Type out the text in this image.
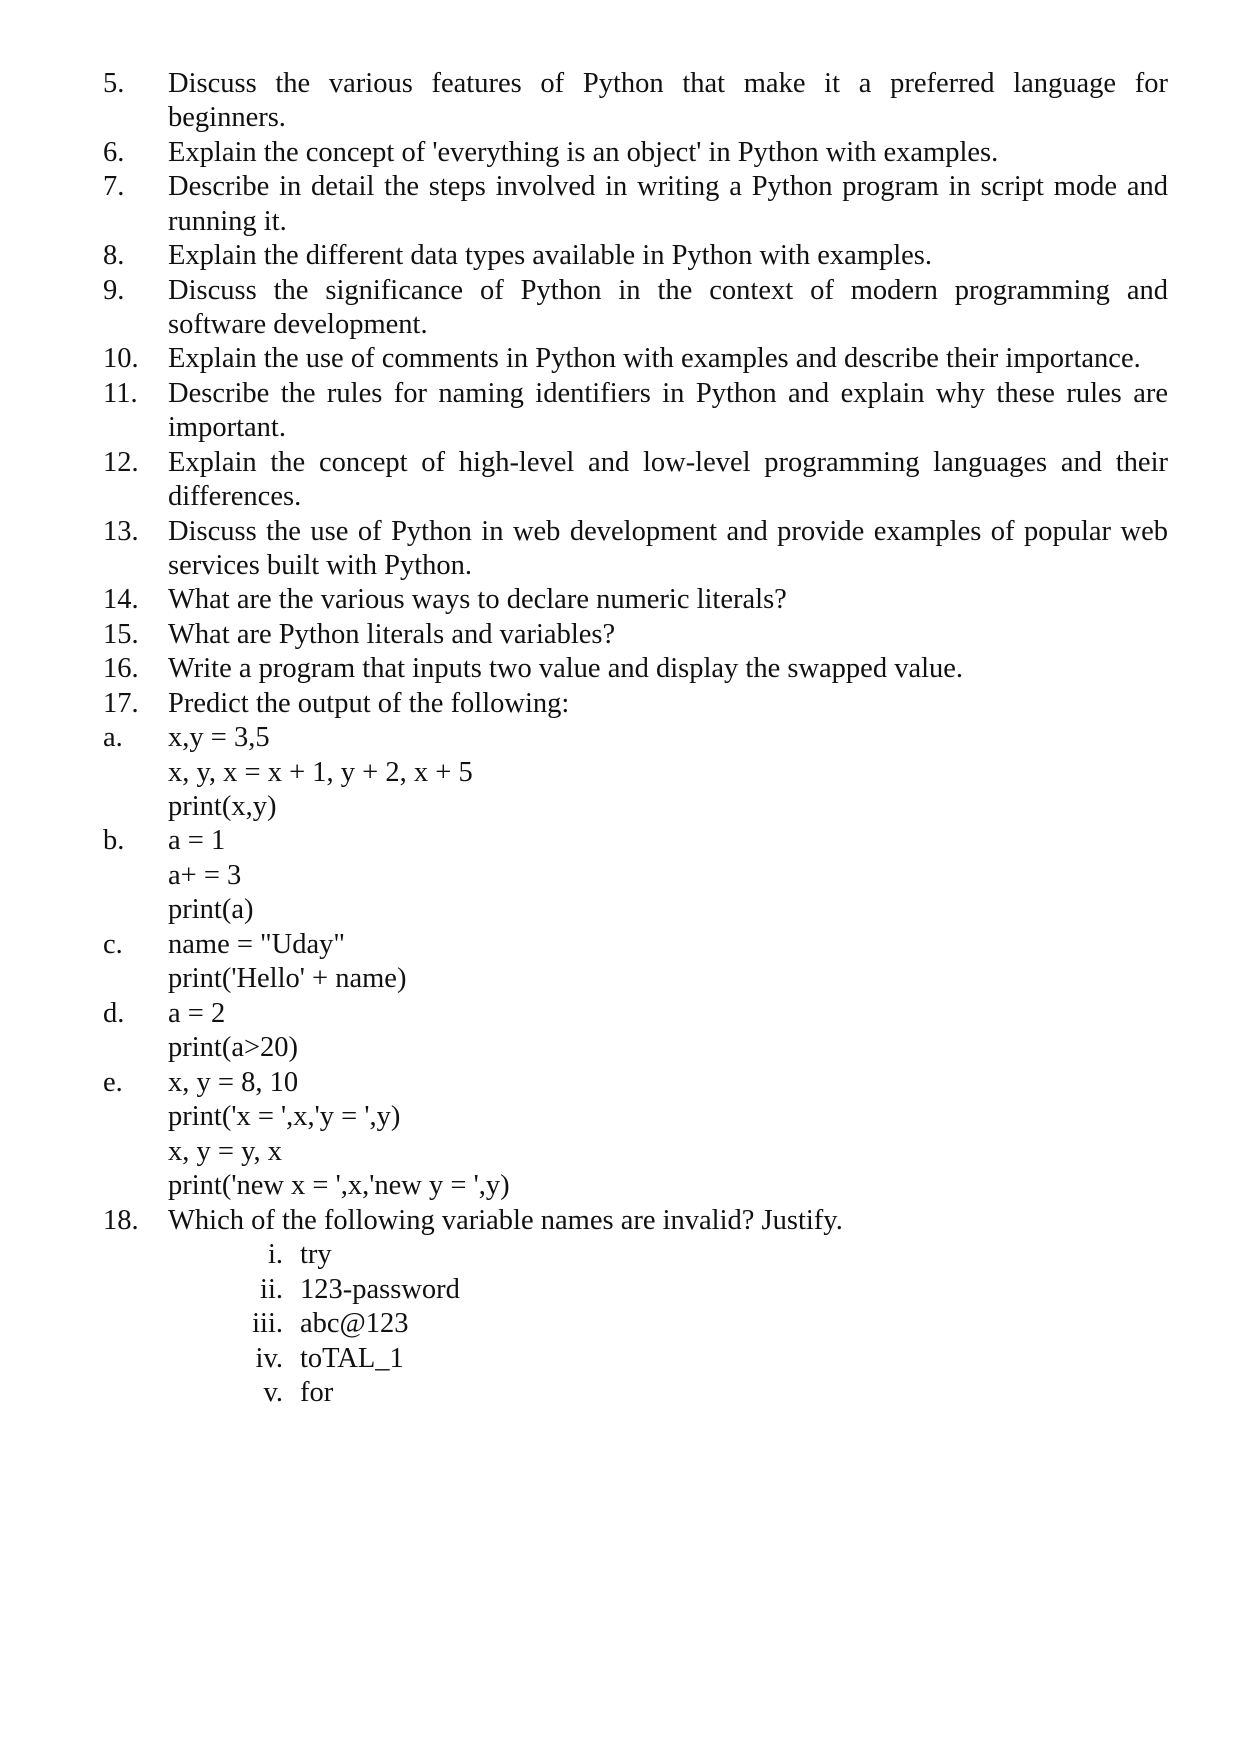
5.	Discuss the various features of Python that make it a preferred language for
beginners.
6.	Explain the concept of 'everything is an object' in Python with examples.
7.	Describe in detail the steps involved in writing a Python program in script mode and
running it.
8.	Explain the different data types available in Python with examples.
9.	Discuss the significance of Python in the context of modern programming and
software development.
10.	Explain the use of comments in Python with examples and describe their importance.
11.	Describe the rules for naming identifiers in Python and explain why these rules are
important.
12.	Explain the concept of high-level and low-level programming languages and their
differences.
13.	Discuss the use of Python in web development and provide examples of popular web
services built with Python.
14.	What are the various ways to declare numeric literals?
15.	What are Python literals and variables?
16.	Write a program that inputs two value and display the swapped value.
17.	Predict the output of the following:
a.	x,y = 3,5
x, y, x = x + 1, y + 2, x + 5
print(x,y)
b.	a = 1
a+ = 3
print(a)
c.	name = "Uday"
print('Hello' + name)
d.	a = 2
print(a>20)
e.	x, y = 8, 10
print('x = ',x,'y = ',y)
x, y = y, x
print('new x = ',x,'new y = ',y)
18.	Which of the following variable names are invalid? Justify.
i. try
ii. 123-password
iii. abc@123
iv. toTAL_1
v. for
